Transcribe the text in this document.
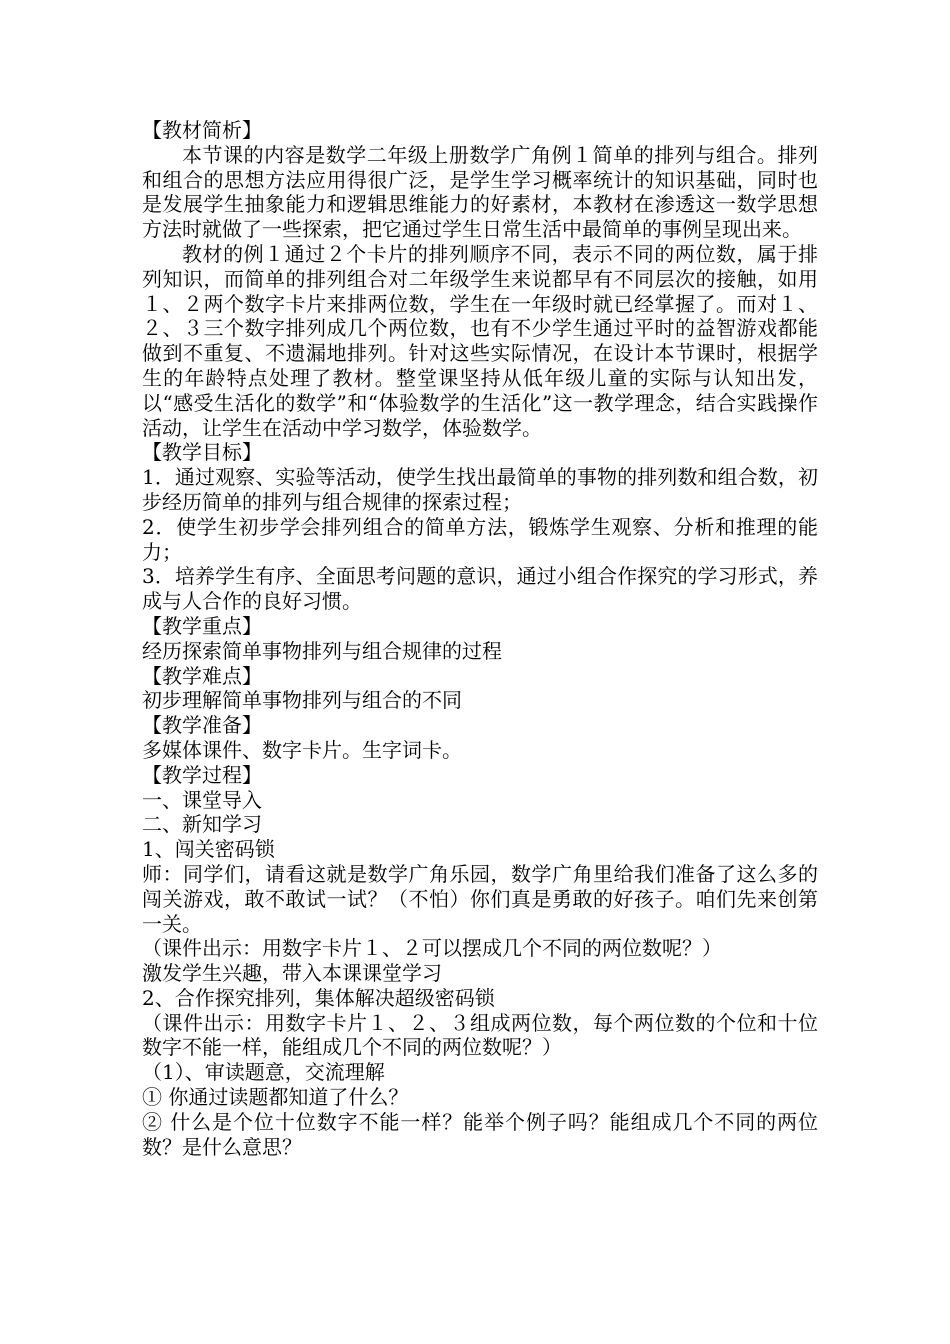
【教材简析】

本节课的内容是数学二年级上册数学广角例１简单的排列与组合。排列和组合的思想方法应用得很广泛，是学生学习概率统计的知识基础，同时也是发展学生抽象能力和逻辑思维能力的好素材，本教材在渗透这一数学思想方法时就做了一些探索，把它通过学生日常生活中最简单的事例呈现出来。

教材的例１通过２个卡片的排列顺序不同，表示不同的两位数，属于排列知识，而简单的排列组合对二年级学生来说都早有不同层次的接触，如用１、２两个数字卡片来排两位数，学生在一年级时就已经掌握了。而对１、２、３三个数字排列成几个两位数，也有不少学生通过平时的益智游戏都能做到不重复、不遗漏地排列。针对这些实际情况，在设计本节课时，根据学生的年龄特点处理了教材。整堂课坚持从低年级儿童的实际与认知出发，以“感受生活化的数学”和“体验数学的生活化”这一教学理念，结合实践操作活动，让学生在活动中学习数学，体验数学。

【教学目标】

1．通过观察、实验等活动，使学生找出最简单的事物的排列数和组合数，初步经历简单的排列与组合规律的探索过程；

2．使学生初步学会排列组合的简单方法，锻炼学生观察、分析和推理的能力；

3．培养学生有序、全面思考问题的意识，通过小组合作探究的学习形式，养成与人合作的良好习惯。

【教学重点】

经历探索简单事物排列与组合规律的过程

【教学难点】

初步理解简单事物排列与组合的不同

【教学准备】

多媒体课件、数字卡片。生字词卡。

【教学过程】

一、课堂导入

二、新知学习

1、闯关密码锁

师：同学们，请看这就是数学广角乐园，数学广角里给我们准备了这么多的闯关游戏，敢不敢试一试？（不怕）你们真是勇敢的好孩子。咱们先来创第一关。

（课件出示：用数字卡片１、２可以摆成几个不同的两位数呢？）

激发学生兴趣，带入本课课堂学习

2、合作探究排列，集体解决超级密码锁

（课件出示：用数字卡片１、２、３组成两位数，每个两位数的个位和十位数字不能一样，能组成几个不同的两位数呢？）

（1）、审读题意，交流理解

① 你通过读题都知道了什么？

② 什么是个位十位数字不能一样？能举个例子吗？能组成几个不同的两位数？是什么意思？
